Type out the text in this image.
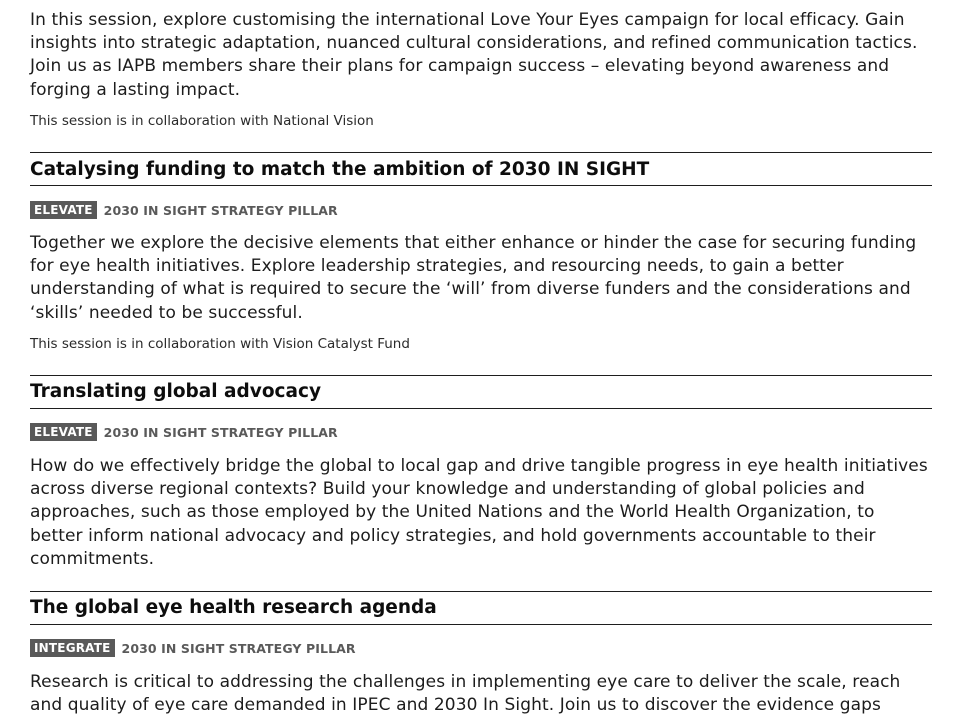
In this session, explore customising the international Love Your Eyes campaign for local efficacy. Gain insights into strategic adaptation, nuanced cultural considerations, and refined communication tactics. Join us as IAPB members share their plans for campaign success – elevating beyond awareness and forging a lasting impact.

This session is in collaboration with National Vision

Catalysing funding to match the ambition of 2030 IN SIGHT
ELEVATE 2030 IN SIGHT STRATEGY PILLAR

Together we explore the decisive elements that either enhance or hinder the case for securing funding for eye health initiatives. Explore leadership strategies, and resourcing needs, to gain a better understanding of what is required to secure the ‘will’ from diverse funders and the considerations and ‘skills’ needed to be successful.

This session is in collaboration with Vision Catalyst Fund

Translating global advocacy
ELEVATE 2030 IN SIGHT STRATEGY PILLAR

How do we effectively bridge the global to local gap and drive tangible progress in eye health initiatives across diverse regional contexts? Build your knowledge and understanding of global policies and approaches, such as those employed by the United Nations and the World Health Organization, to better inform national advocacy and policy strategies, and hold governments accountable to their commitments.

The global eye health research agenda
INTEGRATE 2030 IN SIGHT STRATEGY PILLAR

Research is critical to addressing the challenges in implementing eye care to deliver the scale, reach and quality of eye care demanded in IPEC and 2030 In Sight. Join us to discover the evidence gaps
